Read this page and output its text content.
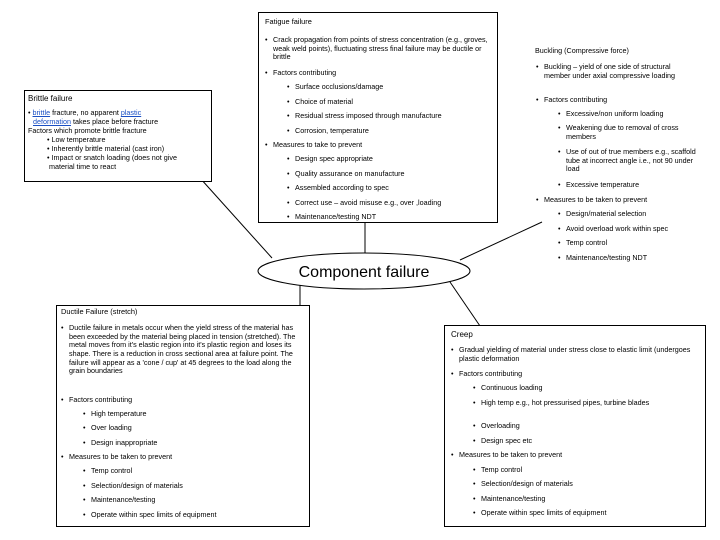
Component failure
Fatigue failure
• Crack propagation from points of stress concentration (e.g., groves, weak weld points), fluctuating stress final failure may be ductile or brittle
• Factors contributing
• Surface occlusions/damage
• Choice of material
• Residual stress imposed through manufacture
• Corrosion, temperature
• Measures to take to prevent
• Design spec appropriate
• Quality assurance on manufacture
• Assembled according to spec
• Correct use – avoid misuse e.g., over ,loading
• Maintenance/testing NDT
Brittle failure
• brittle fracture, no apparent plastic
deformation takes place before fracture
Factors which promote brittle fracture
• Low temperature
• Inherently brittle material (cast iron)
• Impact or snatch loading (does not give
material time to react
Buckling (Compressive force)
• Buckling – yield of one side of structural member under axial compressive loading
• Factors contributing
• Excessive/non uniform loading
• Weakening due to removal of cross members
• Use of out of true members e.g., scaffold tube at incorrect angle i.e., not 90 under load
• Excessive temperature
• Measures to be taken to prevent
• Design/material selection
• Avoid overload work within spec
• Temp control
• Maintenance/testing NDT
Ductile Failure (stretch)
• Ductile failure in metals occur when the yield stress of the material has been exceeded by the material being placed in tension (stretched). The metal moves from it's elastic region into it's plastic region and loses its shape. There is a reduction in cross sectional area at failure point. The failure will appear as a 'cone / cup' at 45 degrees to the load along the grain boundaries
• Factors contributing
• High temperature
• Over loading
• Design inappropriate
• Measures to be taken to prevent
• Temp control
• Selection/design of materials
• Maintenance/testing
• Operate within spec limits of equipment
Creep
• Gradual yielding of material under stress close to elastic limit (undergoes plastic deformation
• Factors contributing
• Continuous loading
• High temp e.g., hot pressurised pipes, turbine blades
• Overloading
• Design spec etc
• Measures to be taken to prevent
• Temp control
• Selection/design of materials
• Maintenance/testing
• Operate within spec limits of equipment
